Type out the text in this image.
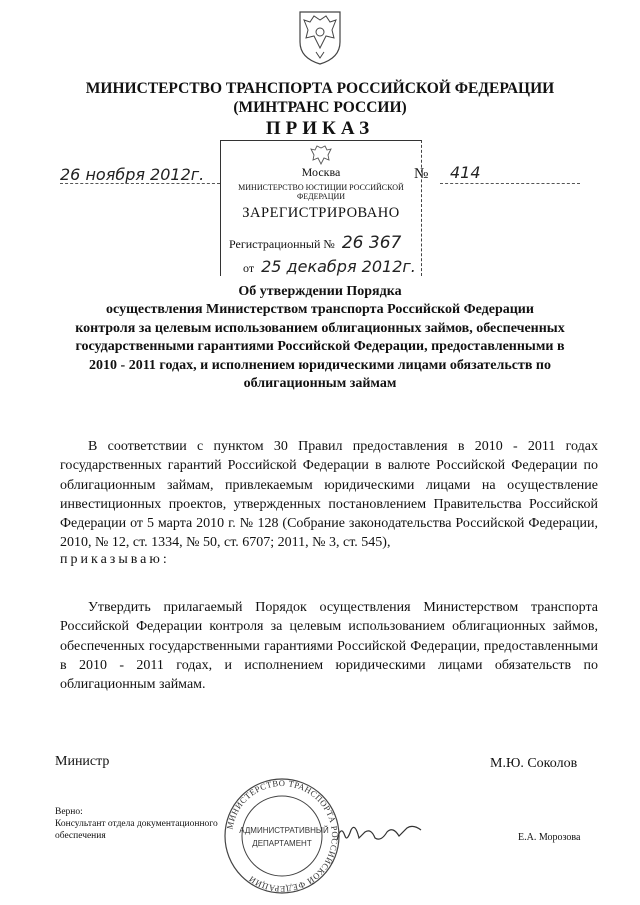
МИНИСТЕРСТВО ТРАНСПОРТА РОССИЙСКОЙ ФЕДЕРАЦИИ
(МИНТРАНС РОССИИ)
ПРИКАЗ
26 ноября 2012г.	№ 414
Москва
МИНИСТЕРСТВО ЮСТИЦИИ РОССИЙСКОЙ ФЕДЕРАЦИИ
ЗАРЕГИСТРИРОВАНО
Регистрационный № 26 367
от 25 декабря 2012г.
Об утверждении Порядка
осуществления Министерством транспорта Российской Федерации
контроля за целевым использованием облигационных займов, обеспеченных
государственными гарантиями Российской Федерации, предоставленными в
2010 - 2011 годах, и исполнением юридическими лицами обязательств по
облигационным займам
В соответствии с пунктом 30 Правил предоставления в 2010 - 2011 годах государственных гарантий Российской Федерации в валюте Российской Федерации по облигационным займам, привлекаемым юридическими лицами на осуществление инвестиционных проектов, утвержденных постановлением Правительства Российской Федерации от 5 марта 2010 г. № 128 (Собрание законодательства Российской Федерации, 2010, № 12, ст. 1334, № 50, ст. 6707; 2011, № 3, ст. 545),
приказываю:
Утвердить прилагаемый Порядок осуществления Министерством транспорта Российской Федерации контроля за целевым использованием облигационных займов, обеспеченных государственными гарантиями Российской Федерации, предоставленными в 2010 - 2011 годах, и исполнением юридическими лицами обязательств по облигационным займам.
Министр	М.Ю. Соколов
Верно:
Консультант отдела документационного
обеспечения	Е.А. Морозова
МИНИСТЕРСТВО ТРАНСПОРТА РОССИЙСКОЙ ФЕДЕРАЦИИ
АДМИНИСТРАТИВНЫЙ
ДЕПАРТАМЕНТ
